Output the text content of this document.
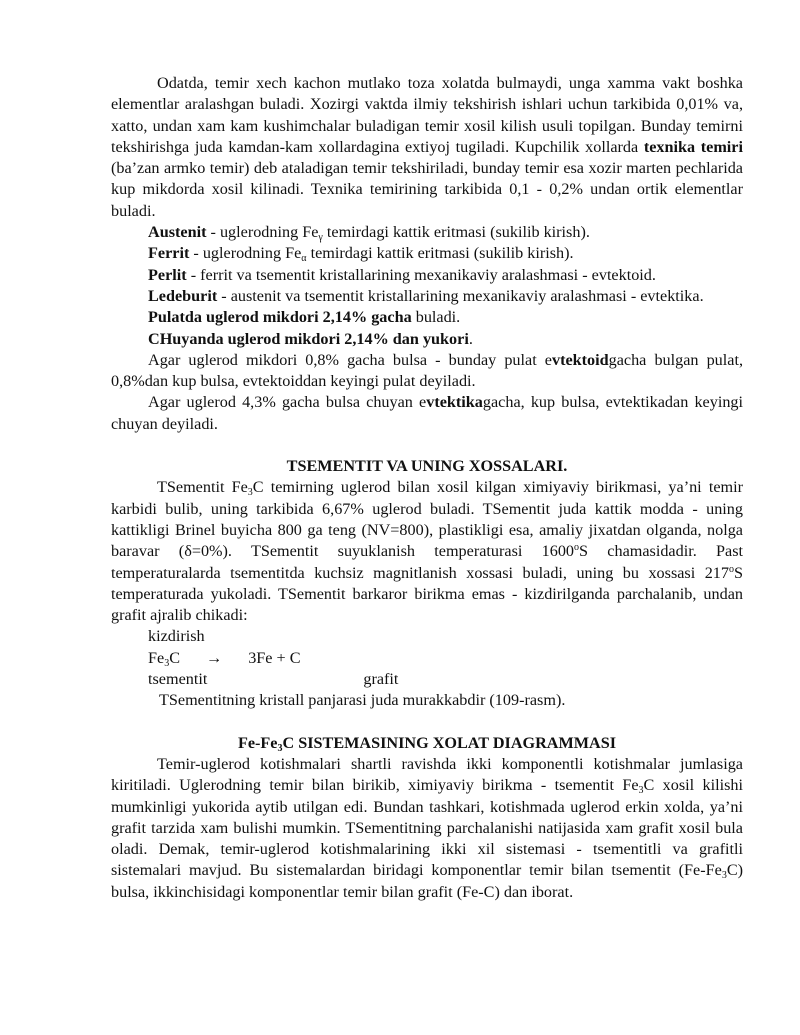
Odatda, temir xech kachon mutlako toza xolatda bulmaydi, unga xamma vakt boshka elementlar aralashgan buladi. Xozirgi vaktda ilmiy tekshirish ishlari uchun tarkibida 0,01% va, xatto, undan xam kam kushimchalar buladigan temir xosil kilish usuli topilgan. Bunday temirni tekshirishga juda kamdan-kam xollardagina extiyoj tugiladi. Kupchilik xollarda texnika temiri (ba’zan armko temir) deb ataladigan temir tekshiriladi, bunday temir esa xozir marten pechlarida kup mikdorda xosil kilinadi. Texnika temirining tarkibida 0,1 - 0,2% undan ortik elementlar buladi.

Austenit - uglerodning $Fe_\gamma$ temirdagi kattik eritmasi (sukilib kirish).

Ferrit - uglerodning $Fe_\alpha$ temirdagi kattik eritmasi (sukilib kirish).

Perlit - ferrit va tsementit kristallarining mexanikaviy aralashmasi - evtektoid.

Ledeburit - austenit va tsementit kristallarining mexanikaviy aralashmasi - evtektika.

Pulatda uglerod mikdori 2,14% gacha buladi.

CHuyanda uglerod mikdori 2,14% dan yukori.

Agar uglerod mikdori 0,8% gacha bulsa - bunday pulat evtektoidgacha bulgan pulat, 0,8%dan kup bulsa, evtektoiddan keyingi pulat deyiladi.

Agar uglerod 4,3% gacha bulsa chuyan evtektikagacha, kup bulsa, evtektikadan keyingi chuyan deyiladi.

TSEMENTIT VA UNING XOSSALARI.

TSementit $Fe_3C$ temirning uglerod bilan xosil kilgan ximiyaviy birikmasi, ya’ni temir karbidi bulib, uning tarkibida 6,67% uglerod buladi. TSementit juda kattik modda - uning kattikligi Brinel buyicha 800 ga teng (NV=800), plastikligi esa, amaliy jixatdan olganda, nolga baravar (δ=0%). TSementit suyuklanish temperaturasi 1600$^o$S chamasidadir. Past temperaturalarda tsementitda kuchsiz magnitlanish xossasi buladi, uning bu xossasi 217$^o$S temperaturada yukoladi. TSementit barkaror birikma emas - kizdirilganda parchalanib, undan grafit ajralib chikadi:

kizdirish
$Fe_3C \to 3Fe + C$
tsementit	grafit

TSementitning kristall panjarasi juda murakkabdir (109-rasm).

$Fe-Fe_3C$ SISTEMASINING XOLAT DIAGRAMMASI

Temir-uglerod kotishmalari shartli ravishda ikki komponentli kotishmalar jumlasiga kiritiladi. Uglerodning temir bilan birikib, ximiyaviy birikma - tsementit $Fe_3C$ xosil kilishi mumkinligi yukorida aytib utilgan edi. Bundan tashkari, kotishmada uglerod erkin xolda, ya’ni grafit tarzida xam bulishi mumkin. TSementitning parchalanishi natijasida xam grafit xosil bula oladi. Demak, temir-uglerod kotishmalarining ikki xil sistemasi - tsementitli va grafitli sistemalari mavjud. Bu sistemalardan biridagi komponentlar temir bilan tsementit $(Fe-Fe_3C)$ bulsa, ikkinchisidagi komponentlar temir bilan grafit (Fe-C) dan iborat.
